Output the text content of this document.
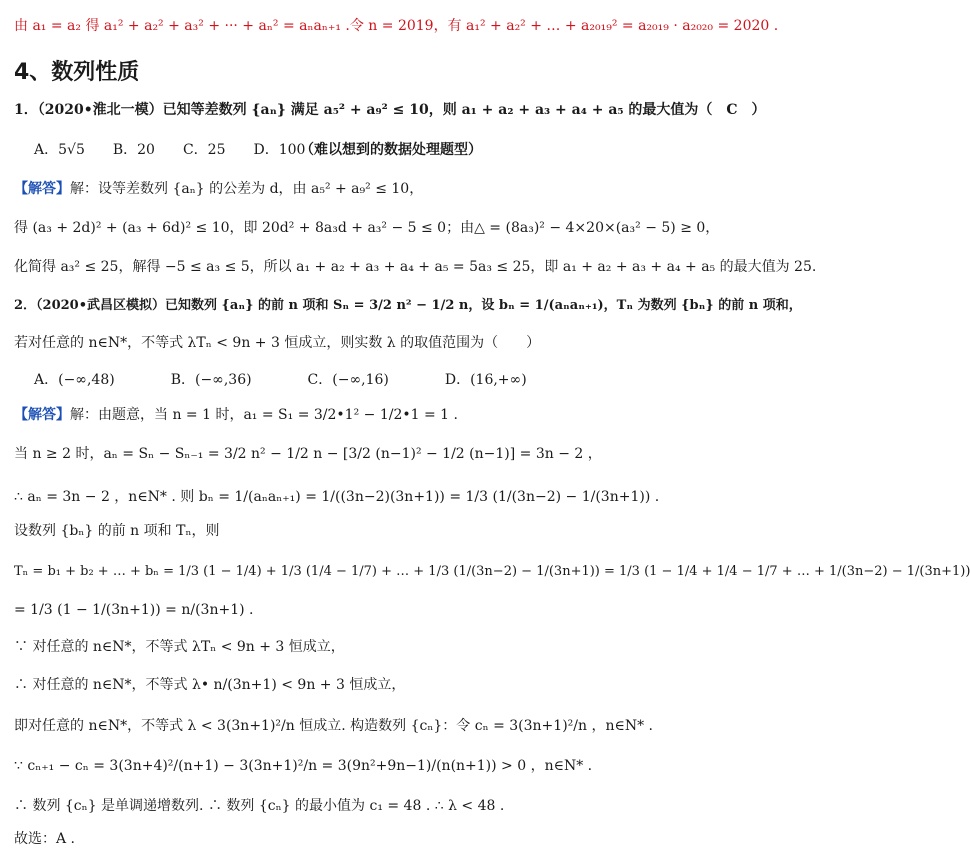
由 a₁ = a₂ 得 a₁² + a₂² + a₃² + ··· + aₙ² = aₙaₙ₊₁ .令 n = 2019，有 a₁² + a₂² + … + a₂₀₁₉² = a₂₀₁₉ · a₂₀₂₀ = 2020 .
4、数列性质
1．（2020•淮北一模）已知等差数列 {aₙ} 满足 a₅² + a₉² ≤ 10，则 a₁ + a₂ + a₃ + a₄ + a₅ 的最大值为（　C　）
A．5√5　　B．20　　C．25　　D．100
（难以想到的数据处理题型）
【解答】解：设等差数列 {aₙ} 的公差为 d，由 a₅² + a₉² ≤ 10，
得 (a₃ + 2d)² + (a₃ + 6d)² ≤ 10，即 20d² + 8a₃d + a₃² − 5 ≤ 0；由△ = (8a₃)² − 4×20×(a₃² − 5) ≥ 0，
化简得 a₃² ≤ 25，解得 −5 ≤ a₃ ≤ 5，所以 a₁ + a₂ + a₃ + a₄ + a₅ = 5a₃ ≤ 25，即 a₁ + a₂ + a₃ + a₄ + a₅ 的最大值为 25.
2．（2020•武昌区模拟）已知数列 {aₙ} 的前 n 项和 Sₙ = 3/2 n² − 1/2 n，设 bₙ = 1/(aₙaₙ₊₁)，Tₙ 为数列 {bₙ} 的前 n 项和，
若对任意的 n∈N*，不等式 λTₙ < 9n + 3 恒成立，则实数 λ 的取值范围为（　　）
A．(−∞,48)　　　　B．(−∞,36)　　　　C．(−∞,16)　　　　D．(16,+∞)
【解答】解：由题意，当 n = 1 时，a₁ = S₁ = 3/2•1² − 1/2•1 = 1 .
当 n ≥ 2 时，aₙ = Sₙ − Sₙ₋₁ = 3/2 n² − 1/2 n − [3/2 (n−1)² − 1/2 (n−1)] = 3n − 2 ，
∴ aₙ = 3n − 2 ，n∈N* . 则 bₙ = 1/(aₙaₙ₊₁) = 1/((3n−2)(3n+1)) = 1/3 (1/(3n−2) − 1/(3n+1)) .
设数列 {bₙ} 的前 n 项和 Tₙ，则
Tₙ = b₁ + b₂ + … + bₙ = 1/3 (1 − 1/4) + 1/3 (1/4 − 1/7) + … + 1/3 (1/(3n−2) − 1/(3n+1)) = 1/3 (1 − 1/4 + 1/4 − 1/7 + … + 1/(3n−2) − 1/(3n+1))
= 1/3 (1 − 1/(3n+1)) = n/(3n+1) .
∵ 对任意的 n∈N*，不等式 λTₙ < 9n + 3 恒成立，
∴ 对任意的 n∈N*，不等式 λ• n/(3n+1) < 9n + 3 恒成立，
即对任意的 n∈N*，不等式 λ < 3(3n+1)²/n 恒成立. 构造数列 {cₙ}：令 cₙ = 3(3n+1)²/n ，n∈N* .
∵ cₙ₊₁ − cₙ = 3(3n+4)²/(n+1) − 3(3n+1)²/n = 3(9n²+9n−1)/(n(n+1)) > 0 ，n∈N* .
∴ 数列 {cₙ} 是单调递增数列. ∴ 数列 {cₙ} 的最小值为 c₁ = 48 . ∴ λ < 48 .
故选：A .
